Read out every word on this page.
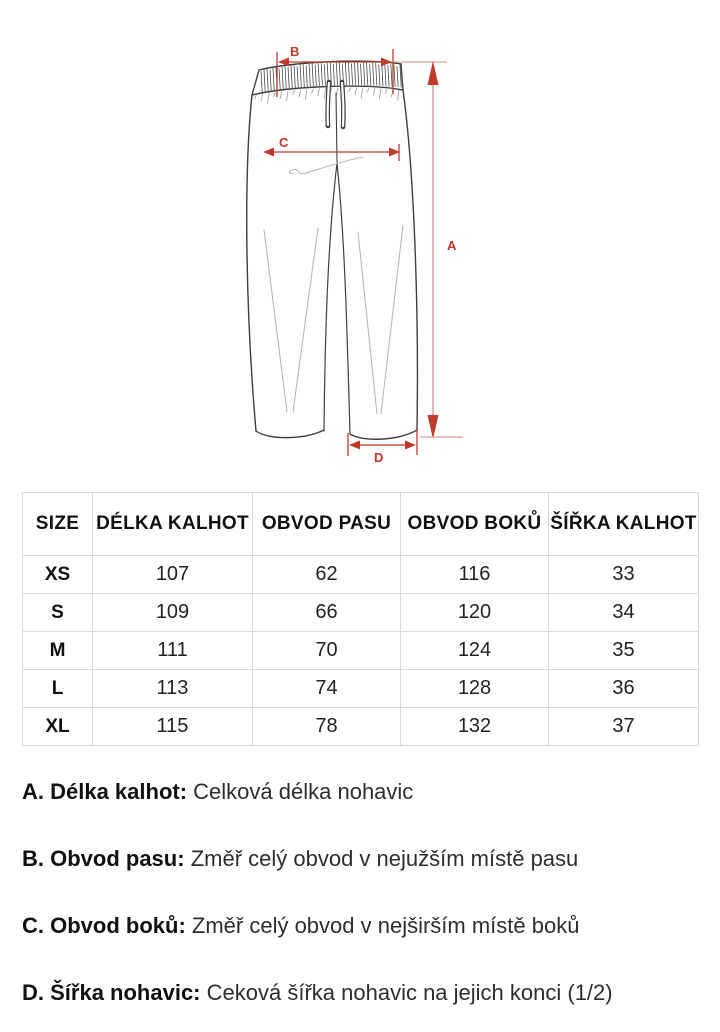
B
A
C
D
SIZE	DÉLKA KALHOT	OBVOD PASU	OBVOD BOKŮ	ŠÍŘKA KALHOT
XS	107	62	116	33
S	109	66	120	34
M	111	70	124	35
L	113	74	128	36
XL	115	78	132	37

A. Délka kalhot: Celková délka nohavic

B. Obvod pasu: Změř celý obvod v nejužším místě pasu

C. Obvod boků: Změř celý obvod v nejširším místě boků

D. Šířka nohavic: Ceková šířka nohavic na jejich konci (1/2)
